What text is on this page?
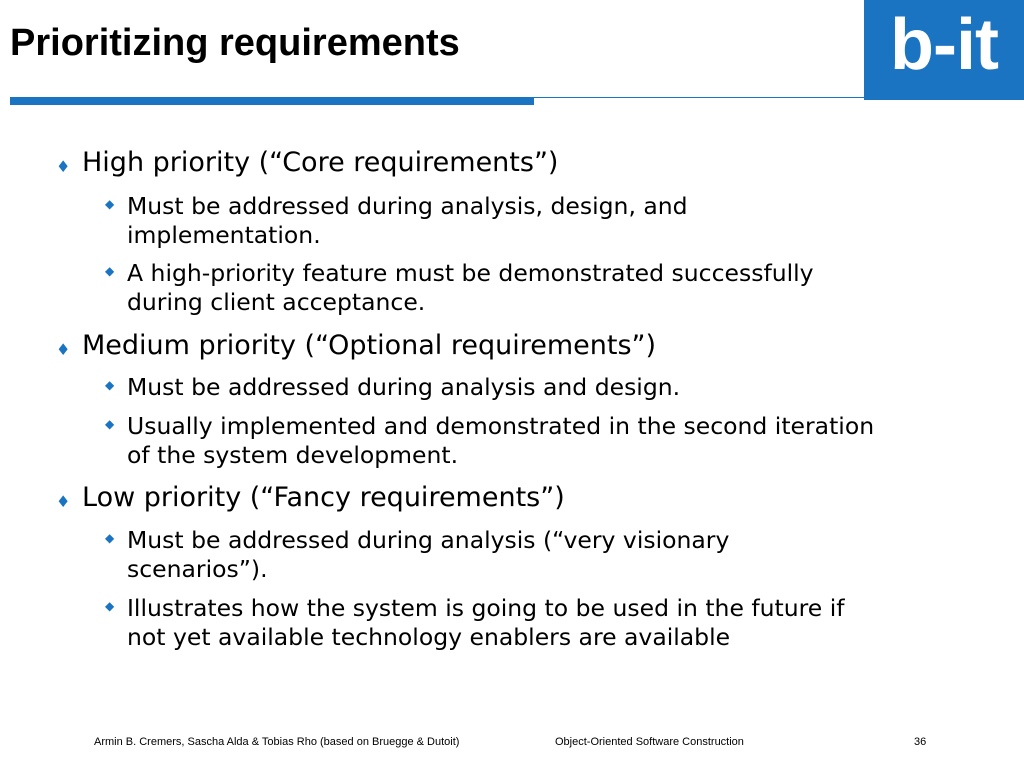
Prioritizing requirements	b-it
♦ High priority (“Core requirements”)
◆ Must be addressed during analysis, design, and
implementation.
◆ A high-priority feature must be demonstrated successfully
during client acceptance.
♦ Medium priority (“Optional requirements”)
◆ Must be addressed during analysis and design.
◆ Usually implemented and demonstrated in the second iteration
of the system development.
♦ Low priority (“Fancy requirements”)
◆ Must be addressed during analysis (“very visionary
scenarios”).
◆ Illustrates how the system is going to be used in the future if
not yet available technology enablers are available
Armin B. Cremers, Sascha Alda & Tobias Rho (based on Bruegge & Dutoit)	Object-Oriented Software Construction	36
